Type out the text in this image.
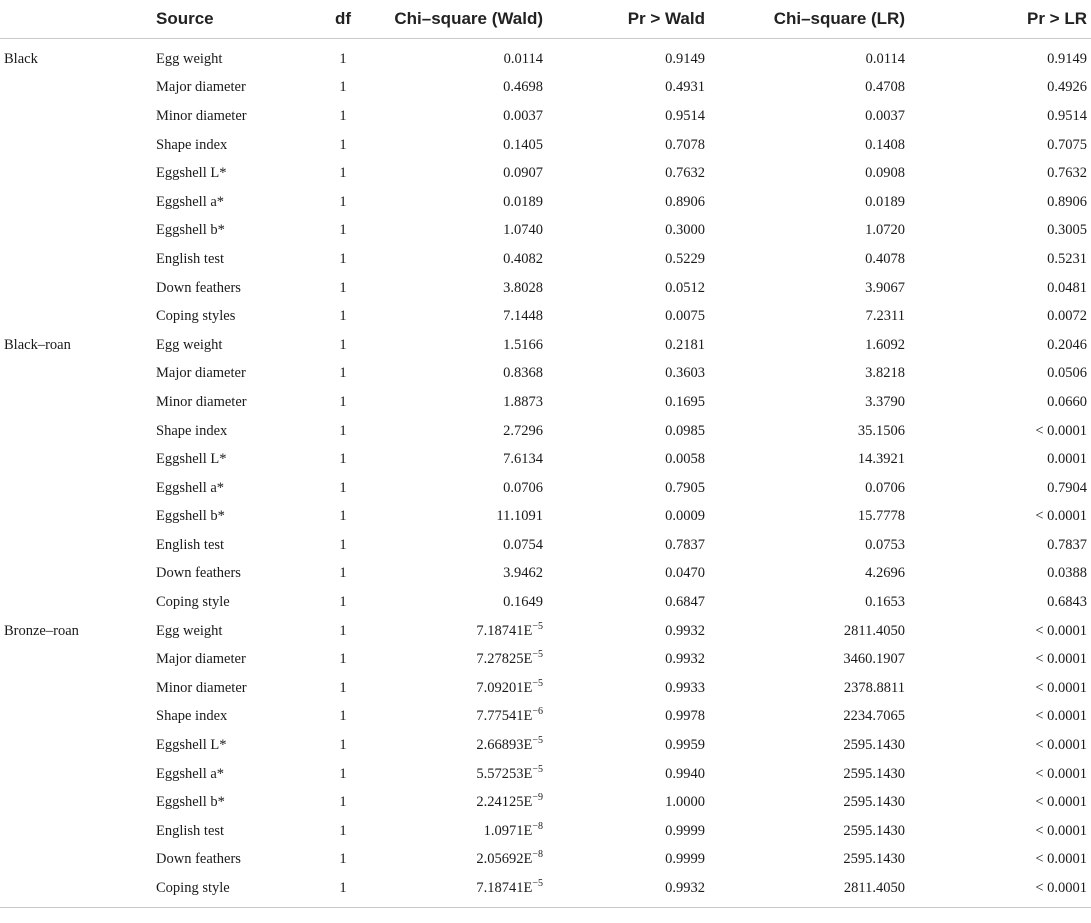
	Source	df	Chi–square (Wald)	Pr > Wald	Chi–square (LR)	Pr > LR
Black	Egg weight	1	0.0114	0.9149	0.0114	0.9149
	Major diameter	1	0.4698	0.4931	0.4708	0.4926
	Minor diameter	1	0.0037	0.9514	0.0037	0.9514
	Shape index	1	0.1405	0.7078	0.1408	0.7075
	Eggshell L*	1	0.0907	0.7632	0.0908	0.7632
	Eggshell a*	1	0.0189	0.8906	0.0189	0.8906
	Eggshell b*	1	1.0740	0.3000	1.0720	0.3005
	English test	1	0.4082	0.5229	0.4078	0.5231
	Down feathers	1	3.8028	0.0512	3.9067	0.0481
	Coping styles	1	7.1448	0.0075	7.2311	0.0072
Black–roan	Egg weight	1	1.5166	0.2181	1.6092	0.2046
	Major diameter	1	0.8368	0.3603	3.8218	0.0506
	Minor diameter	1	1.8873	0.1695	3.3790	0.0660
	Shape index	1	2.7296	0.0985	35.1506	< 0.0001
	Eggshell L*	1	7.6134	0.0058	14.3921	0.0001
	Eggshell a*	1	0.0706	0.7905	0.0706	0.7904
	Eggshell b*	1	11.1091	0.0009	15.7778	< 0.0001
	English test	1	0.0754	0.7837	0.0753	0.7837
	Down feathers	1	3.9462	0.0470	4.2696	0.0388
	Coping style	1	0.1649	0.6847	0.1653	0.6843
Bronze–roan	Egg weight	1	$7.18741E^{-5}$	0.9932	2811.4050	< 0.0001
	Major diameter	1	$7.27825E^{-5}$	0.9932	3460.1907	< 0.0001
	Minor diameter	1	$7.09201E^{-5}$	0.9933	2378.8811	< 0.0001
	Shape index	1	$7.77541E^{-6}$	0.9978	2234.7065	< 0.0001
	Eggshell L*	1	$2.66893E^{-5}$	0.9959	2595.1430	< 0.0001
	Eggshell a*	1	$5.57253E^{-5}$	0.9940	2595.1430	< 0.0001
	Eggshell b*	1	$2.24125E^{-9}$	1.0000	2595.1430	< 0.0001
	English test	1	$1.0971E^{-8}$	0.9999	2595.1430	< 0.0001
	Down feathers	1	$2.05692E^{-8}$	0.9999	2595.1430	< 0.0001
	Coping style	1	$7.18741E^{-5}$	0.9932	2811.4050	< 0.0001
